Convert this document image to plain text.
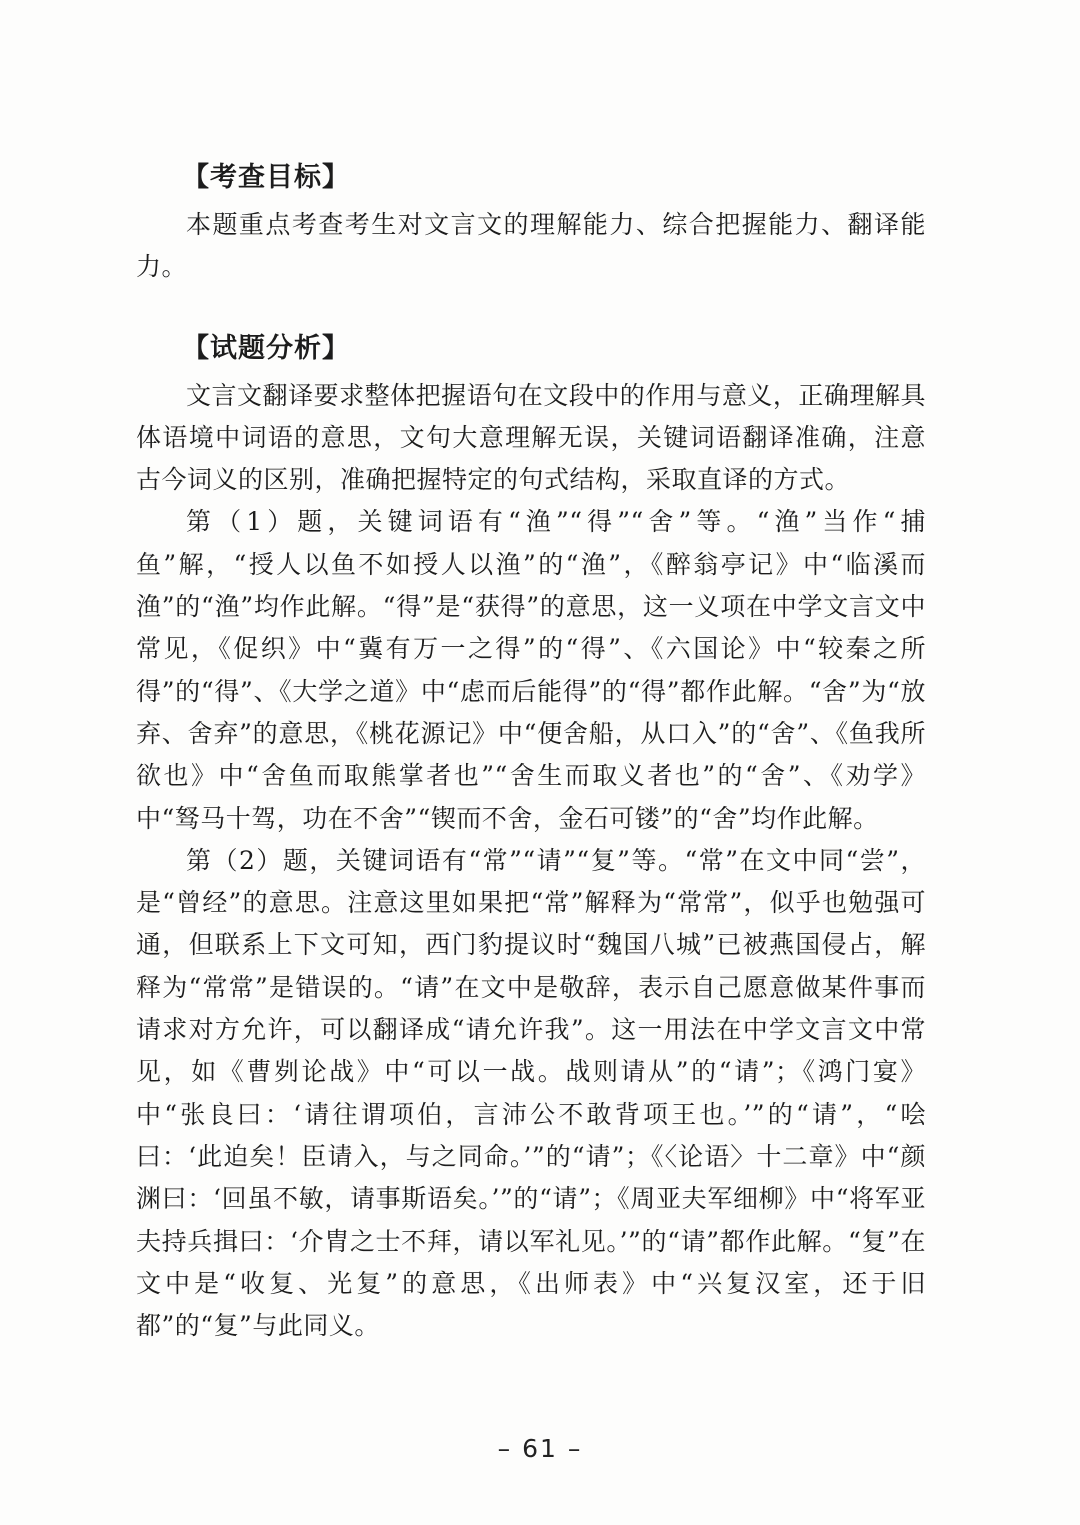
【考查目标】

本题重点考查考生对文言文的理解能力、综合把握能力、翻译能力。

【试题分析】

文言文翻译要求整体把握语句在文段中的作用与意义，正确理解具体语境中词语的意思，文句大意理解无误，关键词语翻译准确，注意古今词义的区别，准确把握特定的句式结构，采取直译的方式。

第（1）题，关键词语有“渔”“得”“舍”等。“渔”当作“捕鱼”解，“授人以鱼不如授人以渔”的“渔”，《醉翁亭记》中“临溪而渔”的“渔”均作此解。“得”是“获得”的意思，这一义项在中学文言文中常见，《促织》中“冀有万一之得”的“得”、《六国论》中“较秦之所得”的“得”、《大学之道》中“虑而后能得”的“得”都作此解。“舍”为“放弃、舍弃”的意思，《桃花源记》中“便舍船，从口入”的“舍”、《鱼我所欲也》中“舍鱼而取熊掌者也”“舍生而取义者也”的“舍”、《劝学》中“驽马十驾，功在不舍”“锲而不舍，金石可镂”的“舍”均作此解。

第（2）题，关键词语有“常”“请”“复”等。“常”在文中同“尝”，是“曾经”的意思。注意这里如果把“常”解释为“常常”，似乎也勉强可通，但联系上下文可知，西门豹提议时“魏国八城”已被燕国侵占，解释为“常常”是错误的。“请”在文中是敬辞，表示自己愿意做某件事而请求对方允许，可以翻译成“请允许我”。这一用法在中学文言文中常见，如《曹刿论战》中“可以一战。战则请从”的“请”；《鸿门宴》中“张良曰：‘请往谓项伯，言沛公不敢背项王也。’”的“请”，“哙曰：‘此迫矣！臣请入，与之同命。’”的“请”；《〈论语〉十二章》中“颜渊曰：‘回虽不敏，请事斯语矣。’”的“请”；《周亚夫军细柳》中“将军亚夫持兵揖曰：‘介胄之士不拜，请以军礼见。’”的“请”都作此解。“复”在文中是“收复、光复”的意思，《出师表》中“兴复汉室，还于旧都”的“复”与此同义。

– 61 –
